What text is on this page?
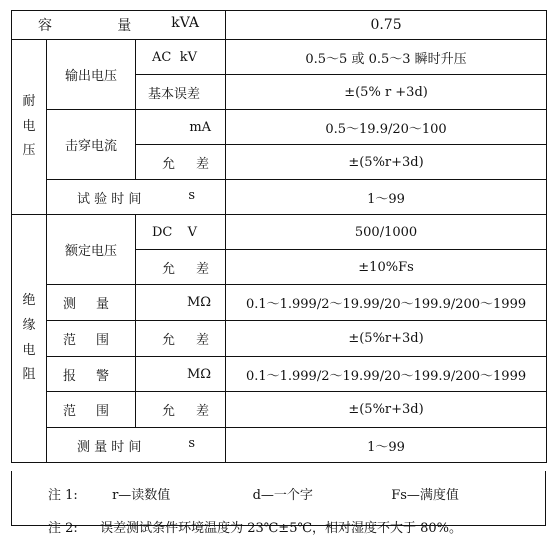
容 量 kVA			0.75

耐
电
压	输出电压	AC kV	0.5～5 或 0.5～3 瞬时升压
		基本误差	±(5% r +3d)
	击穿电流	mA	0.5～19.9/20～100

		允 差	±(5%r+3d)

	试 验 时 间 s		1～99

绝
缘
电
阻	额定电压	DC V	500/1000

		允 差	±10%Fs

	测 量	MΩ	0.1～1.999/2～19.99/20～199.9/200～1999

	范 围	允 差	±(5%r+3d)

	报 警	MΩ	0.1～1.999/2～19.99/20～199.9/200～1999

	范 围	允 差	±(5%r+3d)

	测 量 时 间 s		1～99
注 1:	r—读数值	d—一个字	Fs—满度值
注 2: 误差测试条件环境温度为 23℃±5℃，相对湿度不大于 80%。
